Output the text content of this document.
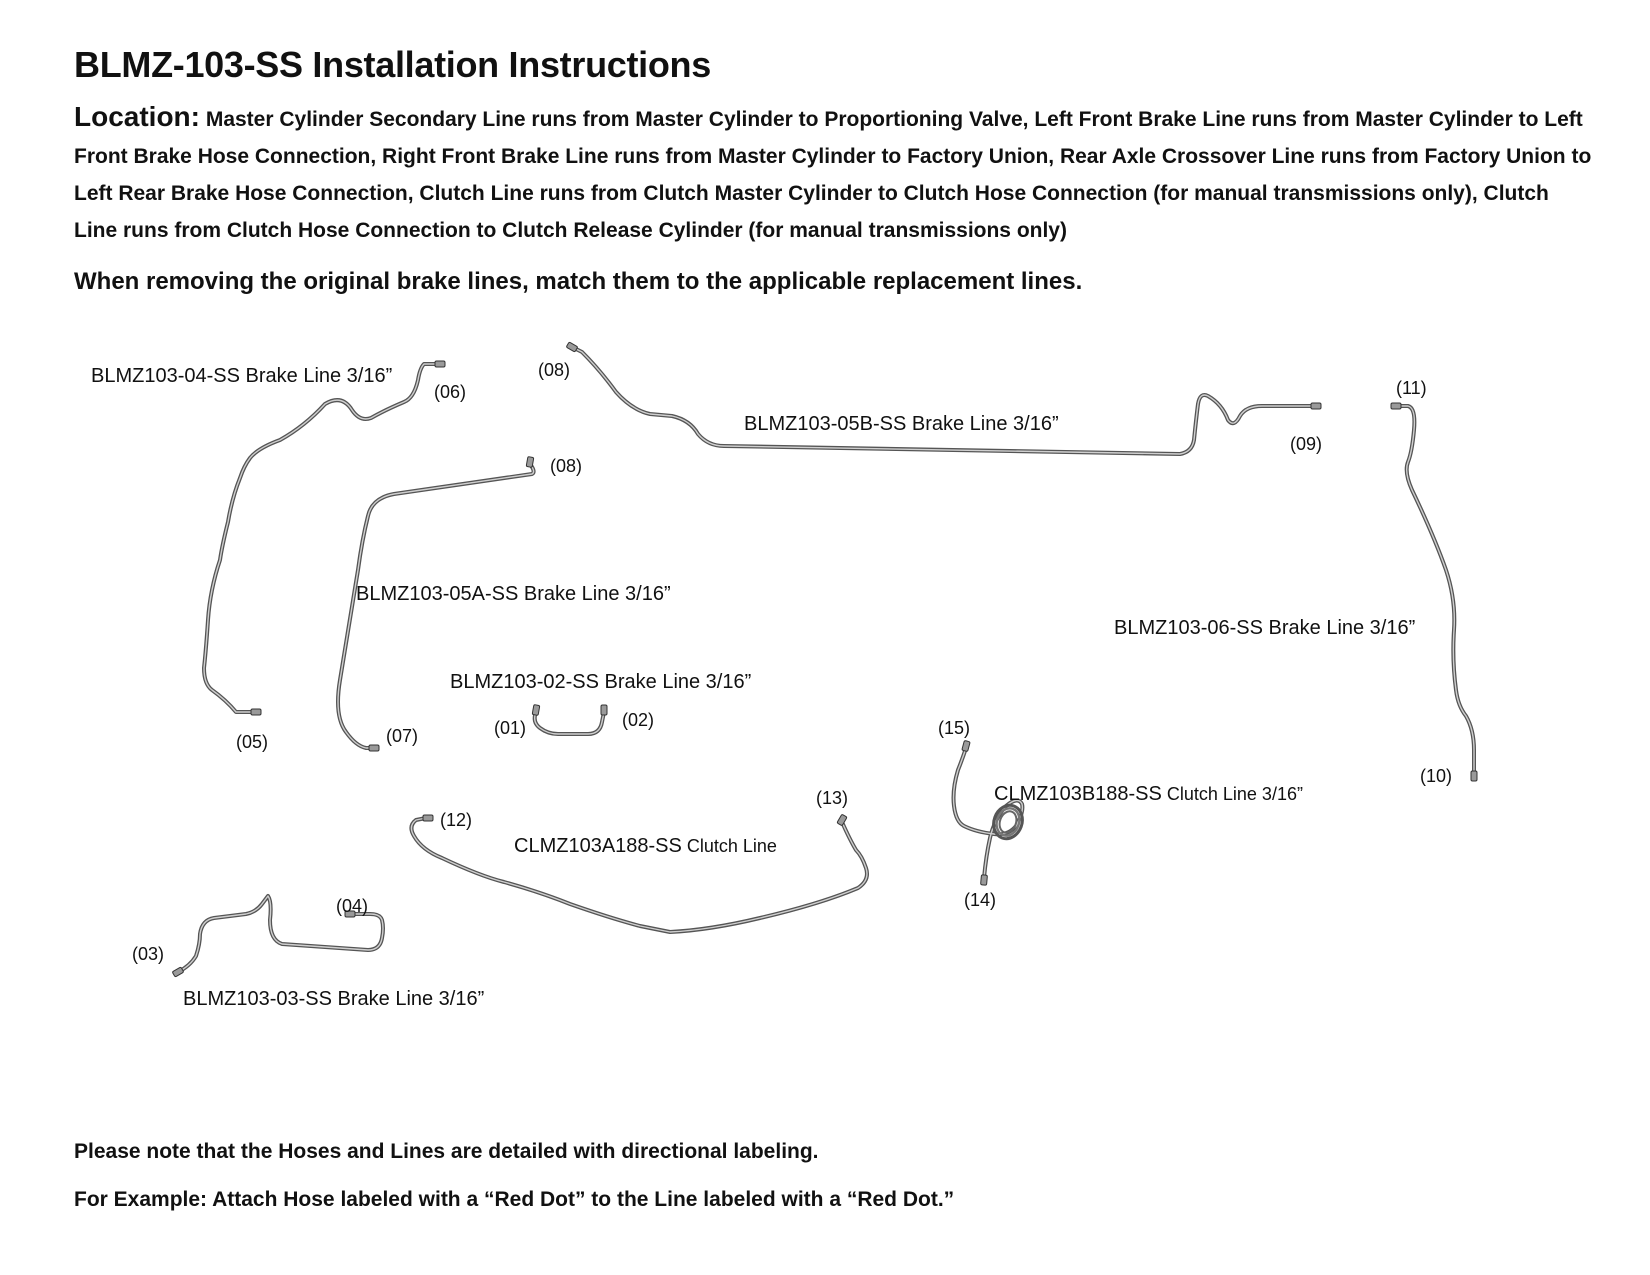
BLMZ-103-SS Installation Instructions

Location: Master Cylinder Secondary Line runs from Master Cylinder to Proportioning Valve, Left Front Brake Line runs from Master Cylinder to Left Front Brake Hose Connection, Right Front Brake Line runs from Master Cylinder to Factory Union, Rear Axle Crossover Line runs from Factory Union to Left Rear Brake Hose Connection, Clutch Line runs from Clutch Master Cylinder to Clutch Hose Connection (for manual transmissions only), Clutch Line runs from Clutch Hose Connection to Clutch Release Cylinder (for manual transmissions only)

When removing the original brake lines, match them to the applicable replacement lines.

BLMZ103-04-SS Brake Line 3/16”
BLMZ103-05B-SS Brake Line 3/16”
BLMZ103-05A-SS Brake Line 3/16”
BLMZ103-06-SS Brake Line 3/16”
BLMZ103-02-SS Brake Line 3/16”
CLMZ103A188-SS Clutch Line
CLMZ103B188-SS Clutch Line 3/16”
BLMZ103-03-SS Brake Line 3/16”
(01)	(02)
(03)
(04)
(05)
(06)
(07)
(08)
(08)
(09)
(10)
(11)
(12)
(13)
(14)
(15)

Please note that the Hoses and Lines are detailed with directional labeling.

For Example: Attach Hose labeled with a “Red Dot” to the Line labeled with a “Red Dot.”
